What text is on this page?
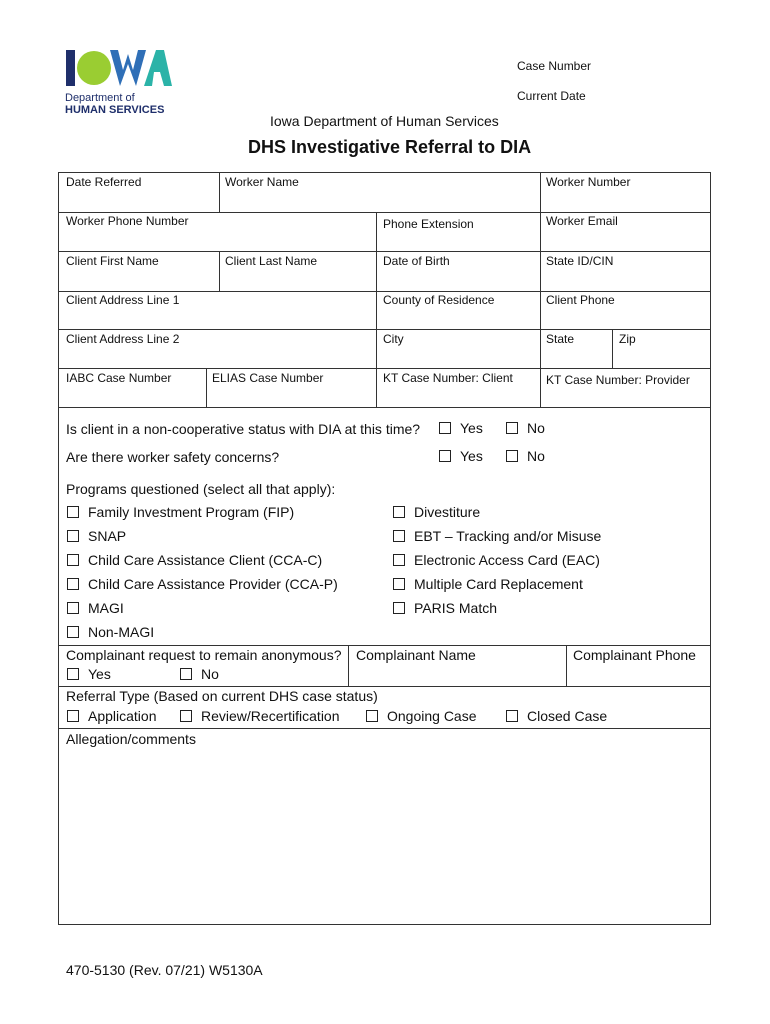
Department of
HUMAN SERVICES
Case Number
Current Date
Iowa Department of Human Services
DHS Investigative Referral to DIA
Date Referred	Worker Name	Worker Number
Worker Phone Number	Phone Extension	Worker Email
Client First Name	Client Last Name	Date of Birth	State ID/CIN
Client Address Line 1	County of Residence	Client Phone
Client Address Line 2	City	State	Zip
IABC Case Number	ELIAS Case Number	KT Case Number: Client	KT Case Number: Provider
Is client in a non-cooperative status with DIA at this time?	Yes	No
Are there worker safety concerns?	Yes	No
Programs questioned (select all that apply):
Family Investment Program (FIP)
SNAP
Child Care Assistance Client (CCA-C)
Child Care Assistance Provider (CCA-P)
MAGI
Non-MAGI
Divestiture
EBT – Tracking and/or Misuse
Electronic Access Card (EAC)
Multiple Card Replacement
PARIS Match
Complainant request to remain anonymous?
Yes	No
Complainant Name	Complainant Phone
Referral Type (Based on current DHS case status)
Application	Review/Recertification	Ongoing Case	Closed Case
Allegation/comments
470-5130 (Rev. 07/21) W5130A
